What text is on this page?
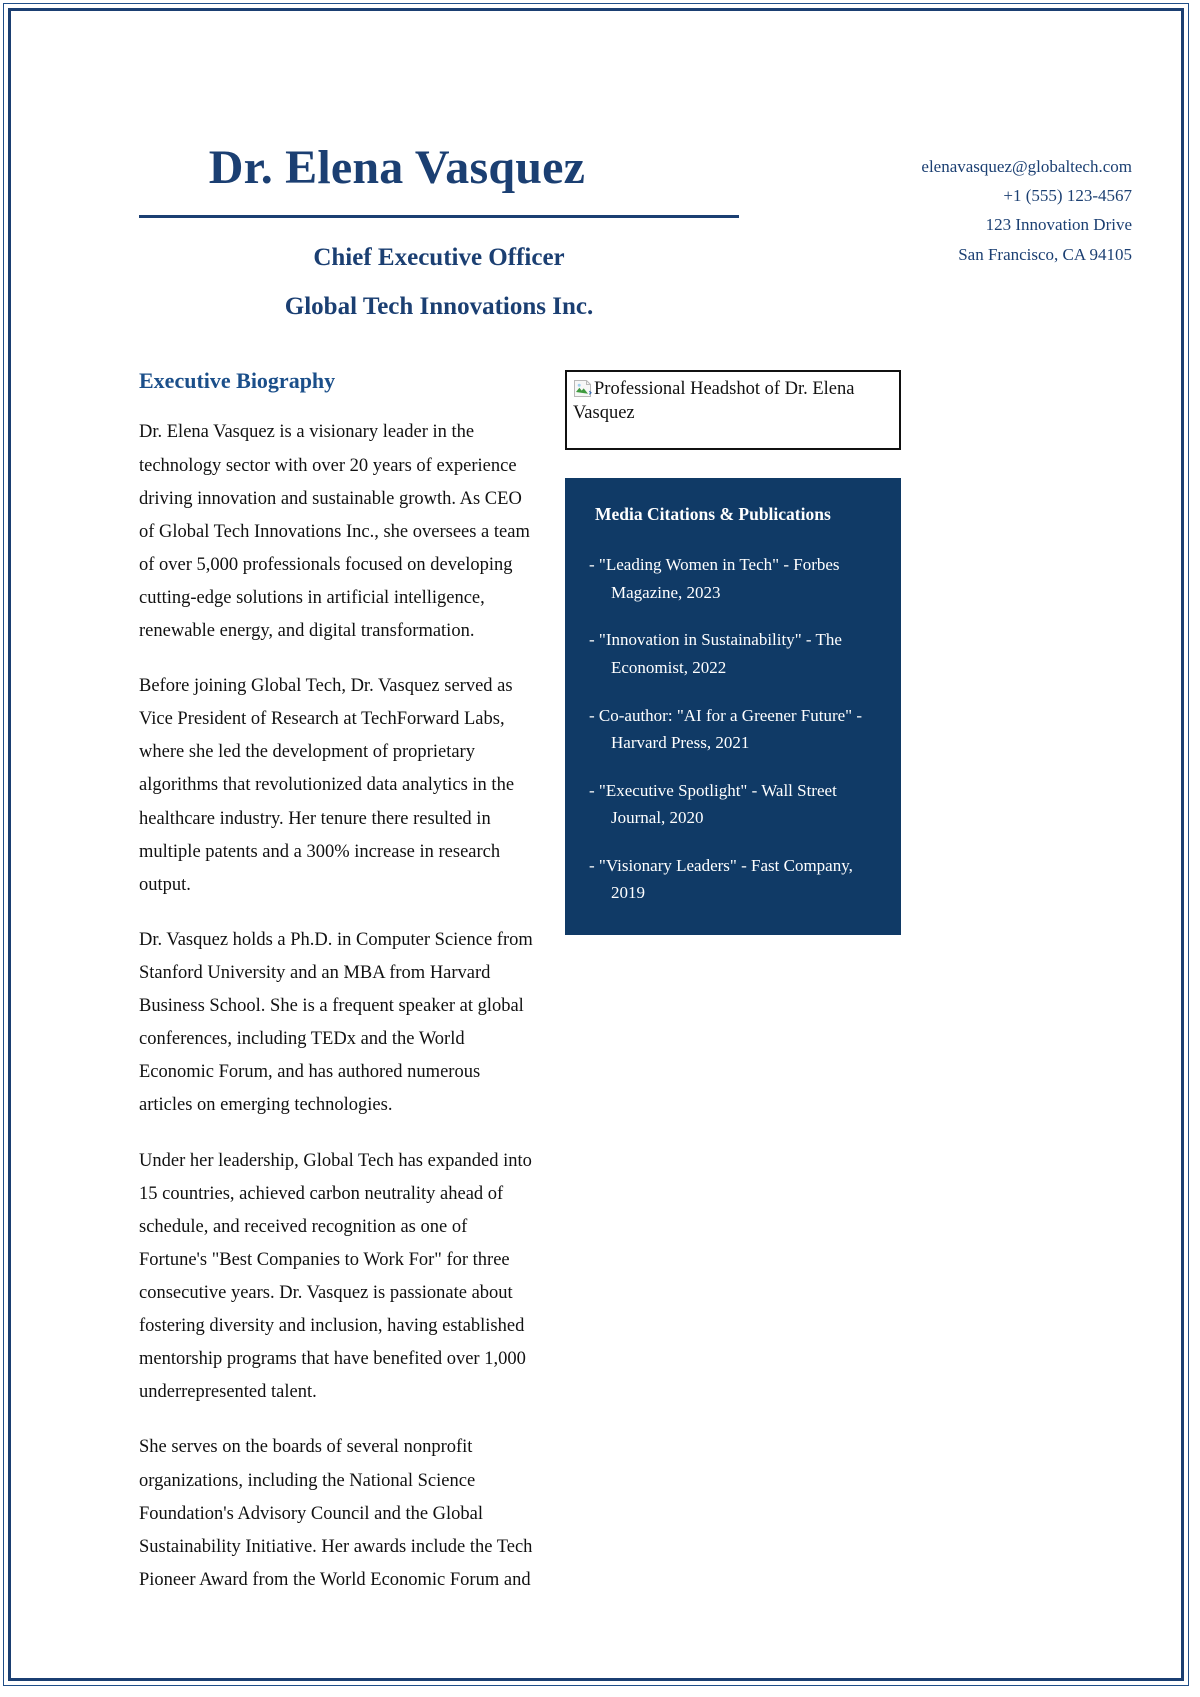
Dr. Elena Vasquez
Chief Executive Officer
Global Tech Innovations Inc.
elenavasquez@globaltech.com
+1 (555) 123-4567
123 Innovation Drive
San Francisco, CA 94105
Executive Biography

Dr. Elena Vasquez is a visionary leader in the technology sector with over 20 years of experience driving innovation and sustainable growth. As CEO of Global Tech Innovations Inc., she oversees a team of over 5,000 professionals focused on developing cutting-edge solutions in artificial intelligence, renewable energy, and digital transformation.

Before joining Global Tech, Dr. Vasquez served as Vice President of Research at TechForward Labs, where she led the development of proprietary algorithms that revolutionized data analytics in the healthcare industry. Her tenure there resulted in multiple patents and a 300% increase in research output.

Dr. Vasquez holds a Ph.D. in Computer Science from Stanford University and an MBA from Harvard Business School. She is a frequent speaker at global conferences, including TEDx and the World Economic Forum, and has authored numerous articles on emerging technologies.

Under her leadership, Global Tech has expanded into 15 countries, achieved carbon neutrality ahead of schedule, and received recognition as one of Fortune's "Best Companies to Work For" for three consecutive years. Dr. Vasquez is passionate about fostering diversity and inclusion, having established mentorship programs that have benefited over 1,000 underrepresented talent.

She serves on the boards of several nonprofit organizations, including the National Science Foundation's Advisory Council and the Global Sustainability Initiative. Her awards include the Tech Pioneer Award from the World Economic Forum and

Professional Headshot of Dr. Elena Vasquez
Media Citations & Publications
- "Leading Women in Tech" - Forbes Magazine, 2023
- "Innovation in Sustainability" - The Economist, 2022
- Co-author: "AI for a Greener Future" - Harvard Press, 2021
- "Executive Spotlight" - Wall Street Journal, 2020
- "Visionary Leaders" - Fast Company, 2019
